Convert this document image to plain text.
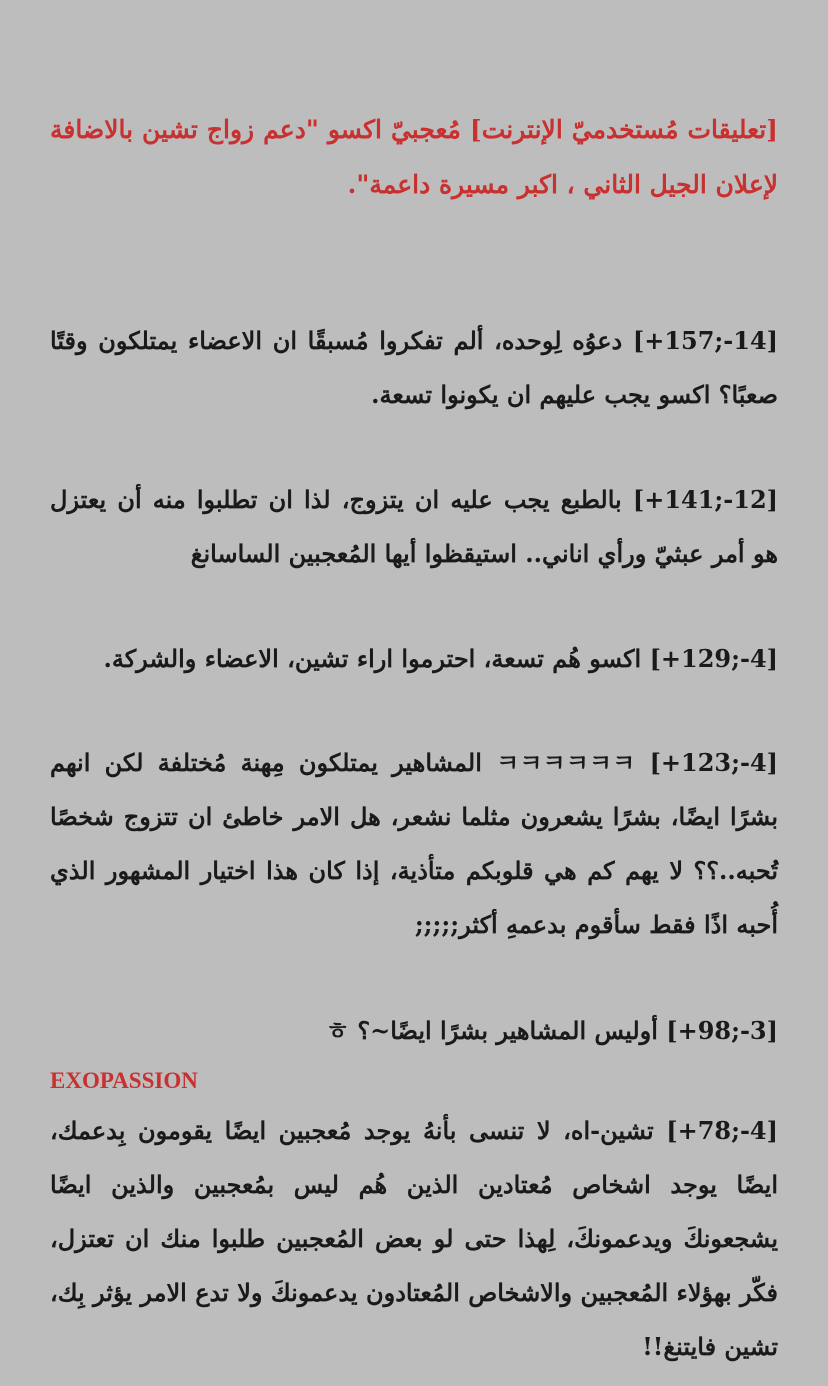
[تعليقات مُستخدميّ الإنترنت] مُعجبيّ اكسو "دعم زواج تشين بالاضافة لإعلان الجيل الثاني ، اكبر مسيرة داعمة".

[+157;-14] دعوُه لِوحده، ألم تفكروا مُسبقًا ان الاعضاء يمتلكون وقتًا صعبًا؟ اكسو يجب عليهم ان يكونوا تسعة.

[+141;-12] بالطبع يجب عليه ان يتزوج، لذا ان تطلبوا منه أن يعتزل هو أمر عبثيّ ورأي اناني.. استيقظوا أيها المُعجبين الساسانغ

[+129;-4] اكسو هُم تسعة، احترموا اراء تشين، الاعضاء والشركة.

[+123;-4] ㅋㅋㅋㅋㅋㅋ المشاهير يمتلكون مِهنة مُختلفة لكن انهم بشرًا ايضًا، بشرًا يشعرون مثلما نشعر، هل الامر خاطئ ان تتزوج شخصًا تُحبه..؟؟ لا يهم كم هي قلوبكم متأذية، إذا كان هذا اختيار المشهور الذي أُحبه اذًا فقط سأقوم بدعمهِ أكثر;;;;;

[+98;-3] أوليس المشاهير بشرًا ايضًا~؟ ㅎ

EXOPASSION

[+78;-4] تشين-اه، لا تنسى بأنهُ يوجد مُعجبين ايضًا يقومون بِدعمك، ايضًا يوجد اشخاص مُعتادين الذين هُم ليس بمُعجبين والذين ايضًا يشجعونكَ ويدعمونكَ، لِهذا حتى لو بعض المُعجبين طلبوا منك ان تعتزل، فكّر بهؤلاء المُعجبين والاشخاص المُعتادون يدعمونكَ ولا تدع الامر يؤثر بِك، تشين فايتنغ!!
